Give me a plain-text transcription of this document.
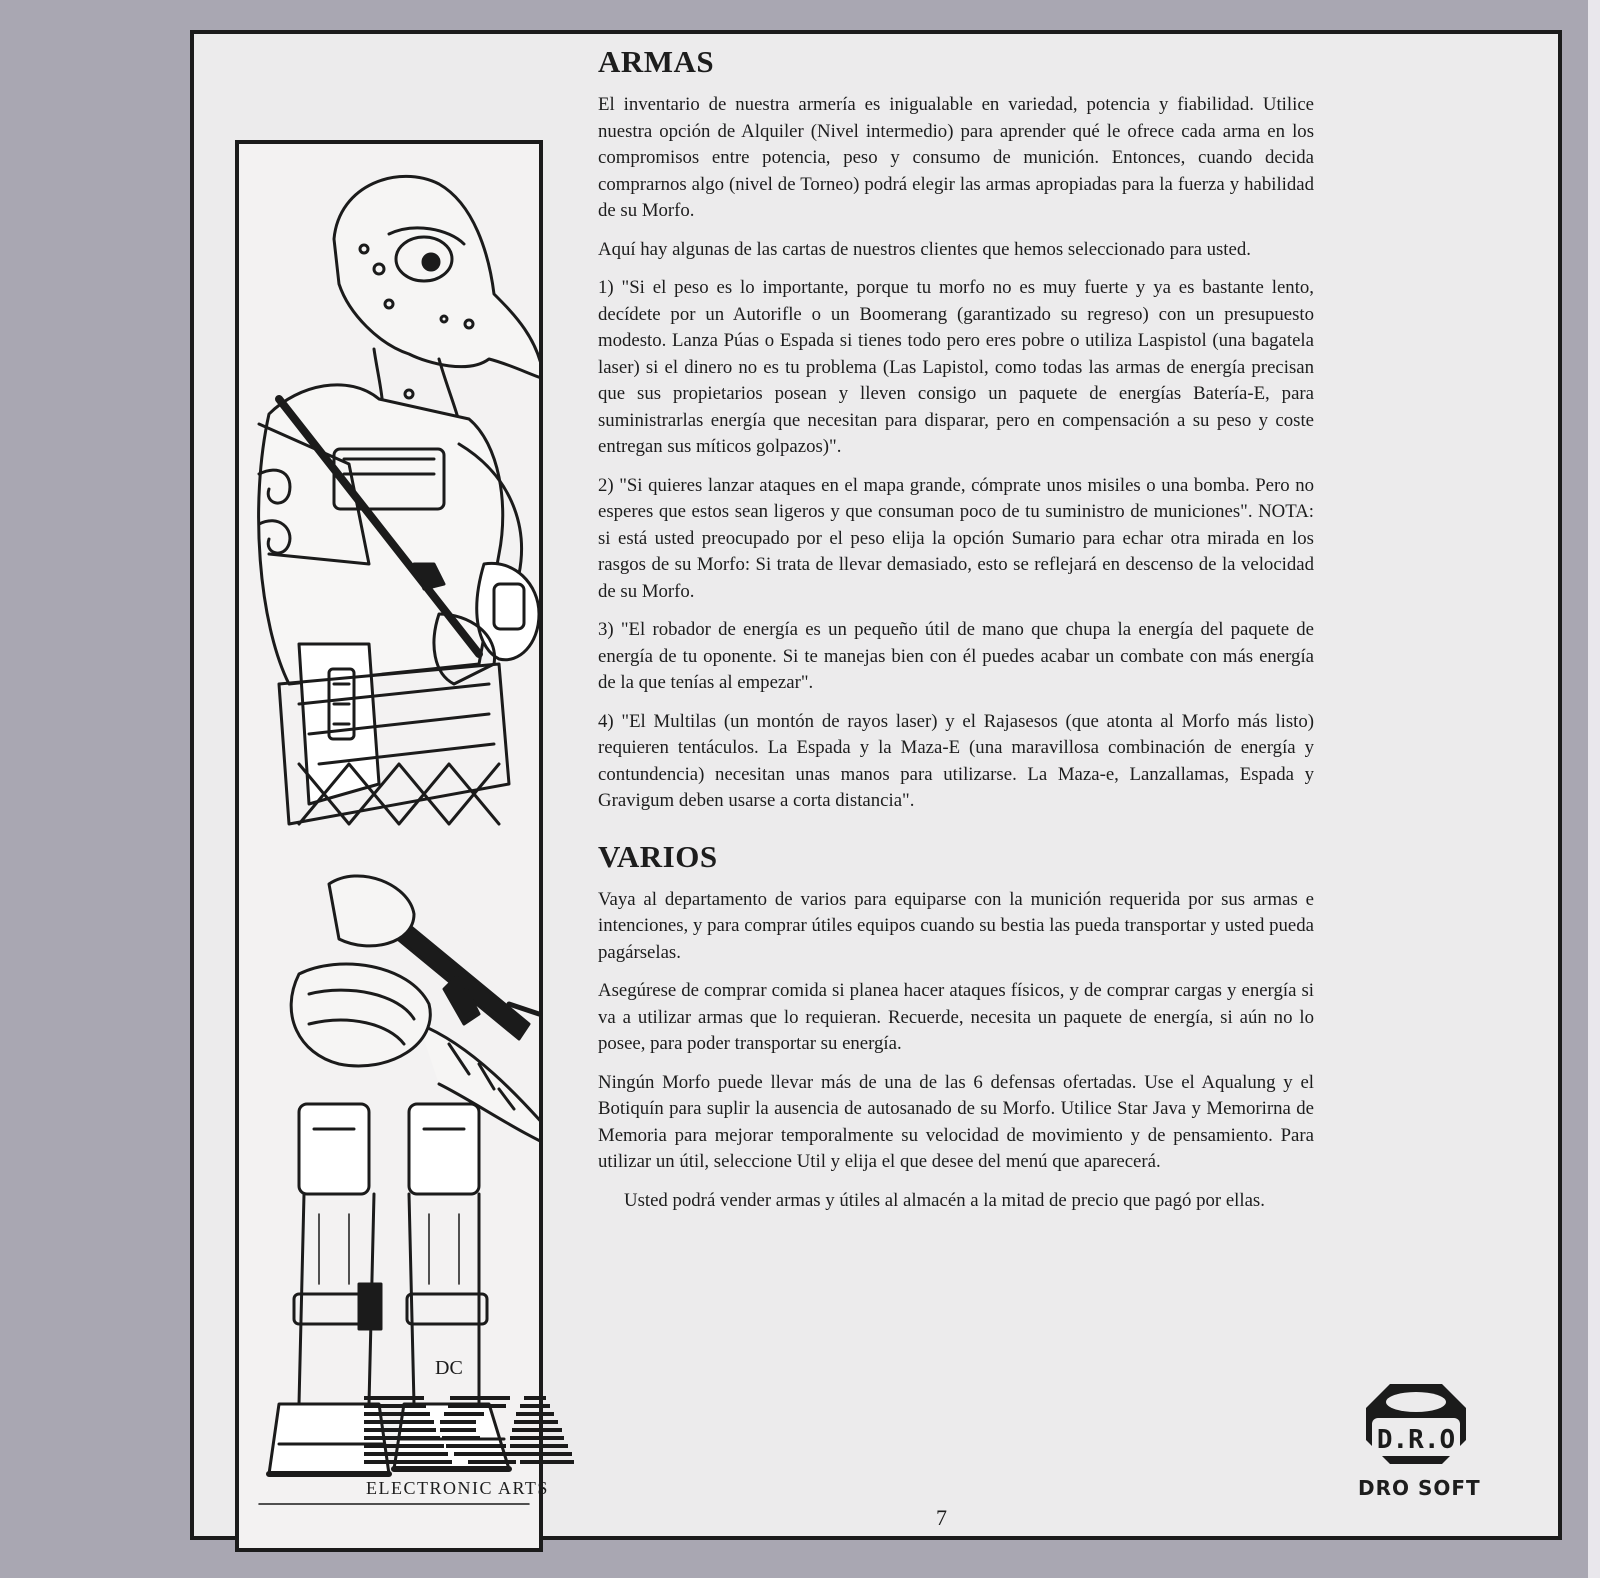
DC
ELECTRONIC ARTS
ARMAS

El inventario de nuestra armería es inigualable en variedad, potencia y fiabilidad. Utilice nuestra opción de Alquiler (Nivel intermedio) para aprender qué le ofrece cada arma en los compromisos entre potencia, peso y consumo de munición. Entonces, cuando decida comprarnos algo (nivel de Torneo) podrá elegir las armas apropiadas para la fuerza y habilidad de su Morfo.

Aquí hay algunas de las cartas de nuestros clientes que hemos seleccionado para usted.

1) "Si el peso es lo importante, porque tu morfo no es muy fuerte y ya es bastante lento, decídete por un Autorifle o un Boomerang (garantizado su regreso) con un presupuesto modesto. Lanza Púas o Espada si tienes todo pero eres pobre o utiliza Laspistol (una bagatela laser) si el dinero no es tu problema (Las Lapistol, como todas las armas de energía precisan que sus propietarios posean y lleven consigo un paquete de energías Batería-E, para suministrarlas energía que necesitan para disparar, pero en compensación a su peso y coste entregan sus míticos golpazos)".

2) "Si quieres lanzar ataques en el mapa grande, cómprate unos misiles o una bomba. Pero no esperes que estos sean ligeros y que consuman poco de tu suministro de municiones". NOTA: si está usted preocupado por el peso elija la opción Sumario para echar otra mirada en los rasgos de su Morfo: Si trata de llevar demasiado, esto se reflejará en descenso de la velocidad de su Morfo.

3) "El robador de energía es un pequeño útil de mano que chupa la energía del paquete de energía de tu oponente. Si te manejas bien con él puedes acabar un combate con más energía de la que tenías al empezar".

4) "El Multilas (un montón de rayos laser) y el Rajasesos (que atonta al Morfo más listo) requieren tentáculos. La Espada y la Maza-E (una maravillosa combinación de energía y contundencia) necesitan unas manos para utilizarse. La Maza-e, Lanzallamas, Espada y Gravigum deben usarse a corta distancia".

VARIOS

Vaya al departamento de varios para equiparse con la munición requerida por sus armas e intenciones, y para comprar útiles equipos cuando su bestia las pueda transportar y usted pueda pagárselas.

Asegúrese de comprar comida si planea hacer ataques físicos, y de comprar cargas y energía si va a utilizar armas que lo requieran. Recuerde, necesita un paquete de energía, si aún no lo posee, para poder transportar su energía.

Ningún Morfo puede llevar más de una de las 6 defensas ofertadas. Use el Aqualung y el Botiquín para suplir la ausencia de autosanado de su Morfo. Utilice Star Java y Memorirna de Memoria para mejorar temporalmente su velocidad de movimiento y de pensamiento. Para utilizar un útil, seleccione Util y elija el que desee del menú que aparecerá.

Usted podrá vender armas y útiles al almacén a la mitad de precio que pagó por ellas.

7
D.R.O
DRO SOFT
